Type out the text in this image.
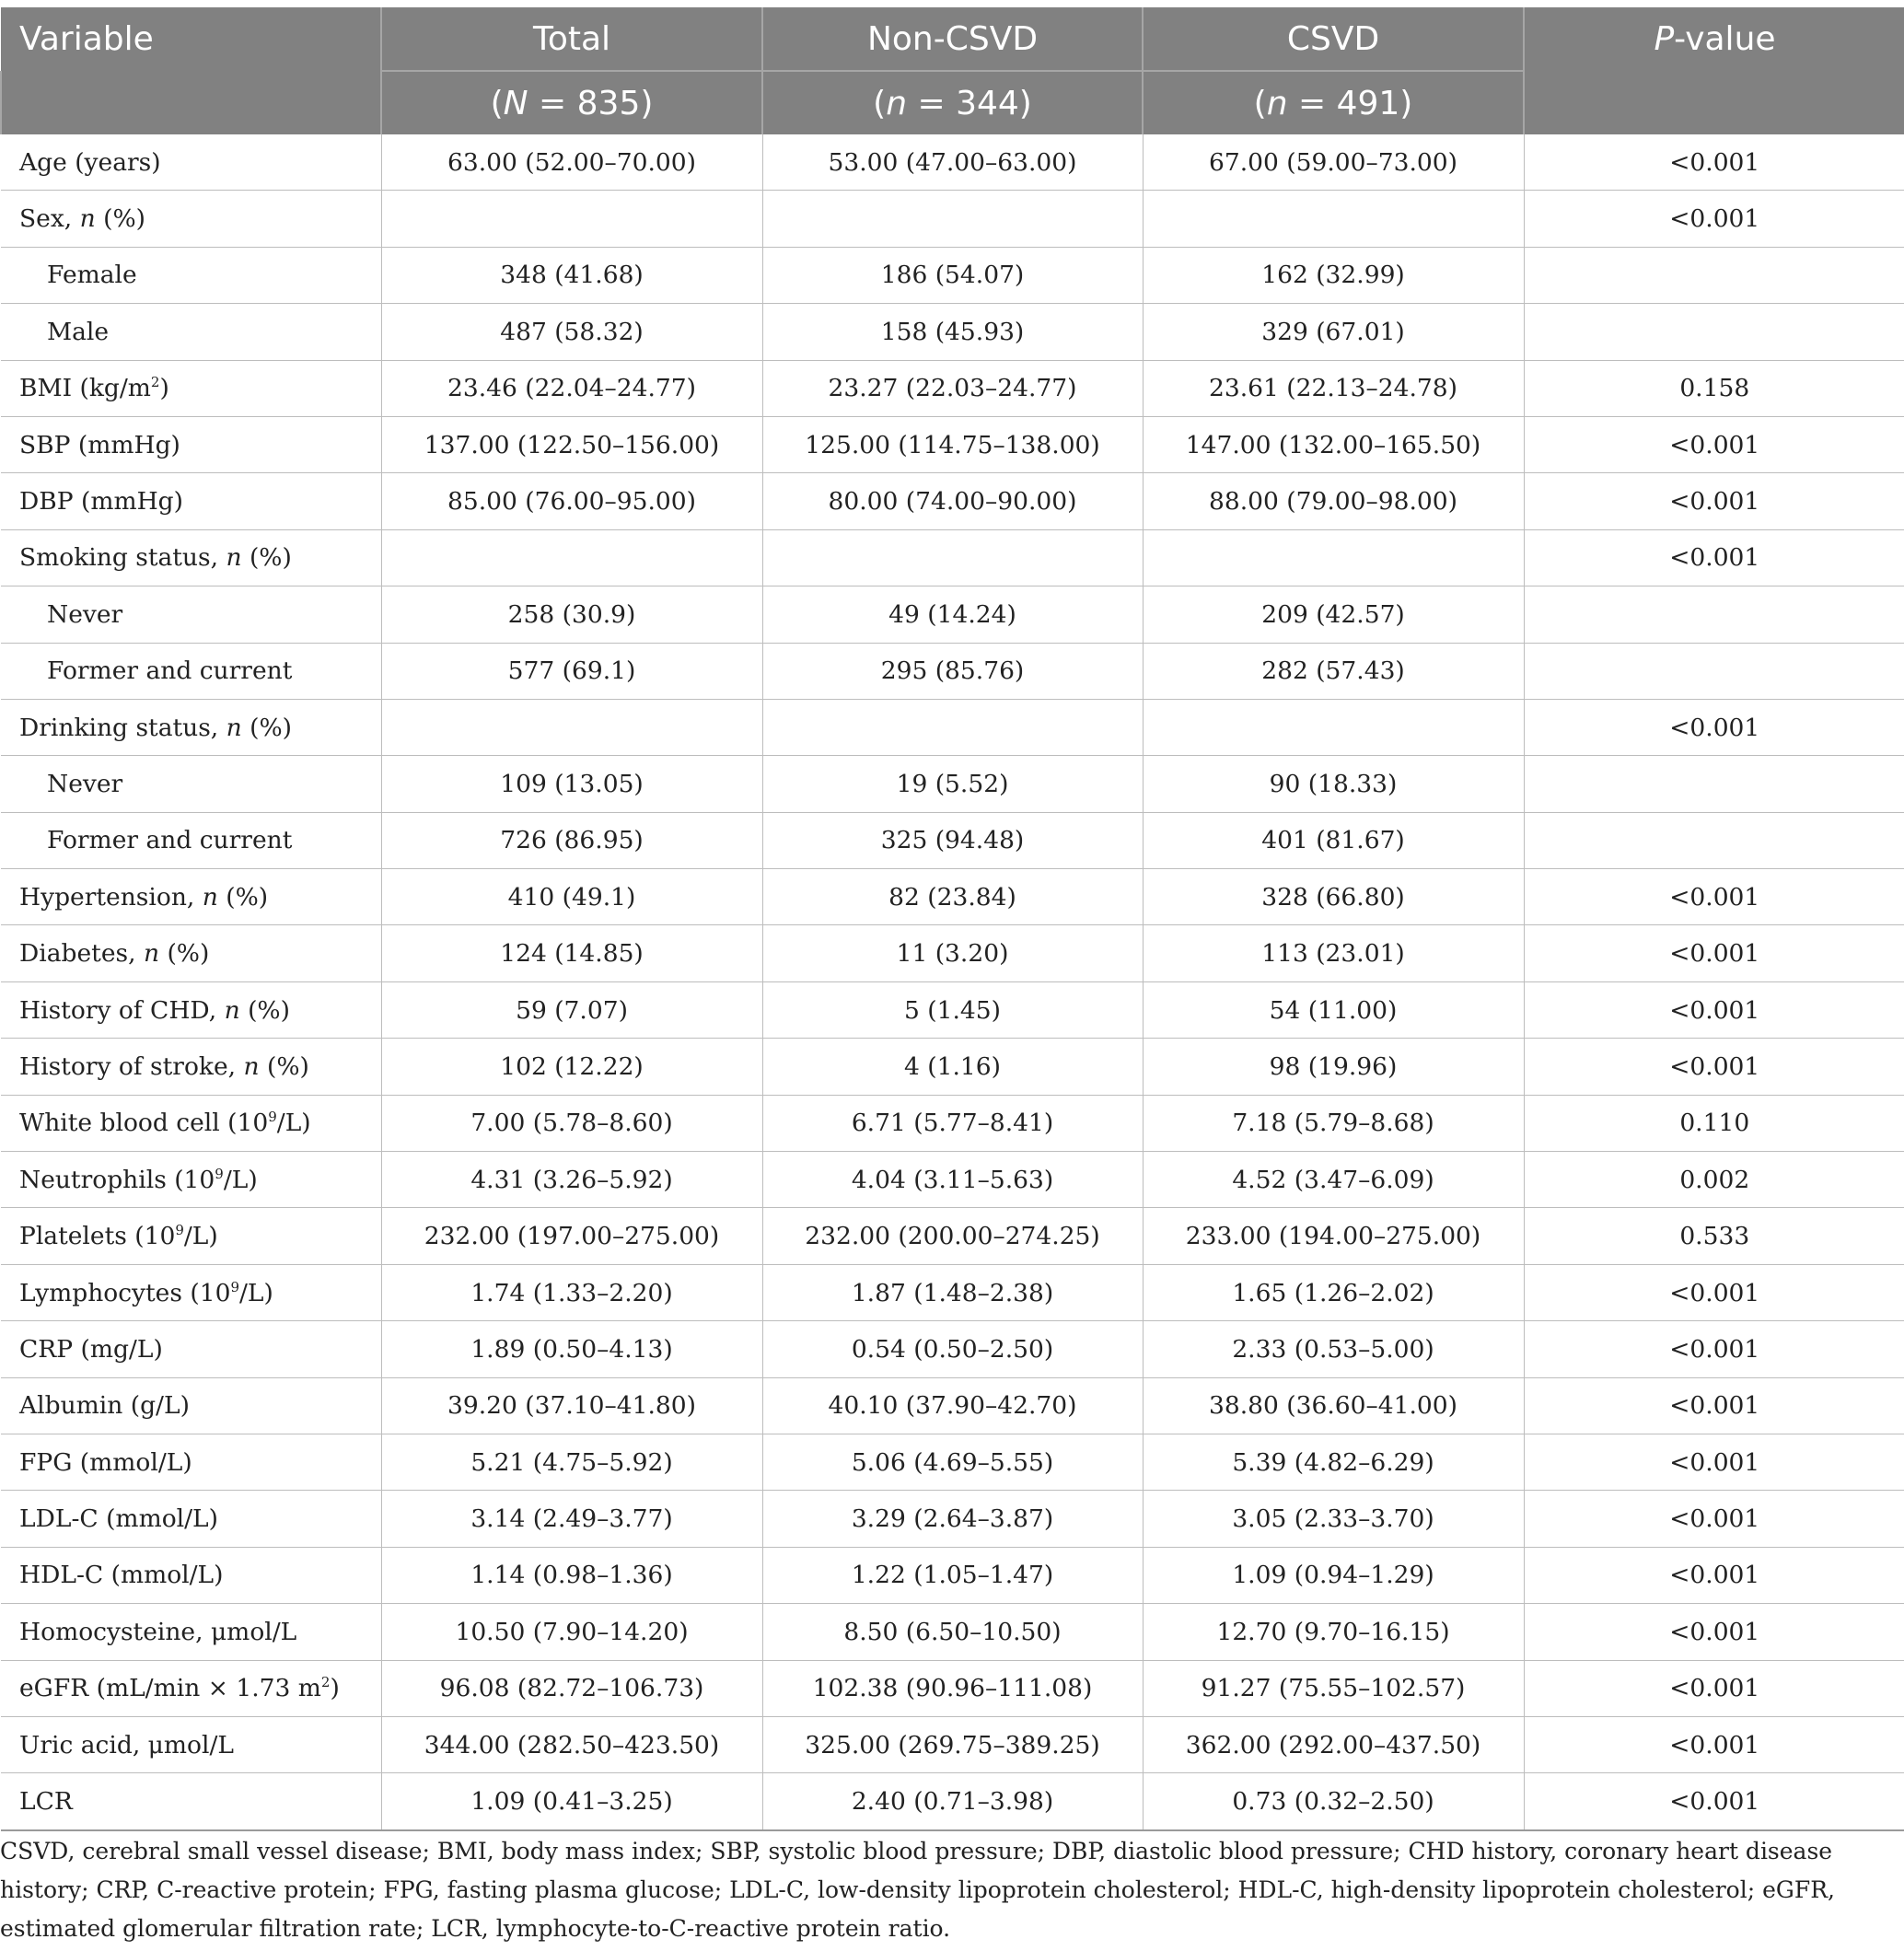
Variable	Total	Non-CSVD	CSVD	P-value
	(N = 835)	(n = 344)	(n = 491)	
Age (years)	63.00 (52.00–70.00)	53.00 (47.00–63.00)	67.00 (59.00–73.00)	<0.001
Sex, n (%)				<0.001
Female	348 (41.68)	186 (54.07)	162 (32.99)	
Male	487 (58.32)	158 (45.93)	329 (67.01)	
BMI $(kg/m^2)$	23.46 (22.04–24.77)	23.27 (22.03–24.77)	23.61 (22.13–24.78)	0.158
SBP (mmHg)	137.00 (122.50–156.00)	125.00 (114.75–138.00)	147.00 (132.00–165.50)	<0.001
DBP (mmHg)	85.00 (76.00–95.00)	80.00 (74.00–90.00)	88.00 (79.00–98.00)	<0.001
Smoking status, n (%)				<0.001
Never	258 (30.9)	49 (14.24)	209 (42.57)	
Former and current	577 (69.1)	295 (85.76)	282 (57.43)	
Drinking status, n (%)				<0.001
Never	109 (13.05)	19 (5.52)	90 (18.33)	
Former and current	726 (86.95)	325 (94.48)	401 (81.67)	
Hypertension, n (%)	410 (49.1)	82 (23.84)	328 (66.80)	<0.001
Diabetes, n (%)	124 (14.85)	11 (3.20)	113 (23.01)	<0.001
History of CHD, n (%)	59 (7.07)	5 (1.45)	54 (11.00)	<0.001
History of stroke, n (%)	102 (12.22)	4 (1.16)	98 (19.96)	<0.001
White blood cell $(10^9/L)$	7.00 (5.78–8.60)	6.71 (5.77–8.41)	7.18 (5.79–8.68)	0.110
Neutrophils $(10^9/L)$	4.31 (3.26–5.92)	4.04 (3.11–5.63)	4.52 (3.47–6.09)	0.002
Platelets $(10^9/L)$	232.00 (197.00–275.00)	232.00 (200.00–274.25)	233.00 (194.00–275.00)	0.533
Lymphocytes $(10^9/L)$	1.74 (1.33–2.20)	1.87 (1.48–2.38)	1.65 (1.26–2.02)	<0.001
CRP (mg/L)	1.89 (0.50–4.13)	0.54 (0.50–2.50)	2.33 (0.53–5.00)	<0.001
Albumin (g/L)	39.20 (37.10–41.80)	40.10 (37.90–42.70)	38.80 (36.60–41.00)	<0.001
FPG (mmol/L)	5.21 (4.75–5.92)	5.06 (4.69–5.55)	5.39 (4.82–6.29)	<0.001
LDL-C (mmol/L)	3.14 (2.49–3.77)	3.29 (2.64–3.87)	3.05 (2.33–3.70)	<0.001
HDL-C (mmol/L)	1.14 (0.98–1.36)	1.22 (1.05–1.47)	1.09 (0.94–1.29)	<0.001
Homocysteine, μmol/L	10.50 (7.90–14.20)	8.50 (6.50–10.50)	12.70 (9.70–16.15)	<0.001
eGFR (mL/min × 1.73 $m^2$)	96.08 (82.72–106.73)	102.38 (90.96–111.08)	91.27 (75.55–102.57)	<0.001
Uric acid, μmol/L	344.00 (282.50–423.50)	325.00 (269.75–389.25)	362.00 (292.00–437.50)	<0.001
LCR	1.09 (0.41–3.25)	2.40 (0.71–3.98)	0.73 (0.32–2.50)	<0.001
CSVD, cerebral small vessel disease; BMI, body mass index; SBP, systolic blood pressure; DBP, diastolic blood pressure; CHD history, coronary heart disease history; CRP, C-reactive protein; FPG, fasting plasma glucose; LDL-C, low-density lipoprotein cholesterol; HDL-C, high-density lipoprotein cholesterol; eGFR, estimated glomerular filtration rate; LCR, lymphocyte-to-C-reactive protein ratio.
